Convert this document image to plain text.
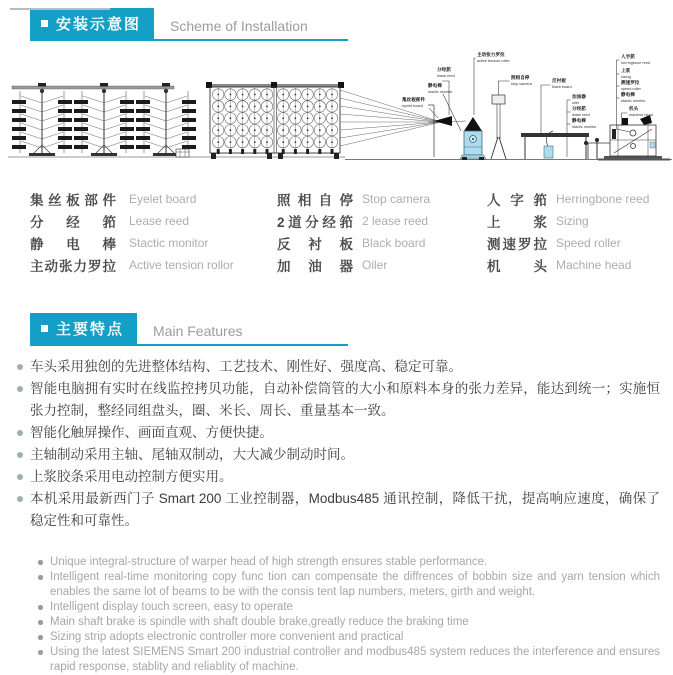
安装示意图	Scheme of Installation
集丝板部件
eyelet board
分经筘
lease reed
静电棒
stactic monitor
主动张力罗拉
active tension roller
照相自停
stop camera
反衬板
black board
加油器
oiler
分经筘
lease reed
静电棒
stactic monitor
人字筘
herringbone reed
上浆
sizing
测速罗拉
speed roller
静电棒
stactic monitor
机头
machine head
集丝板部件 Eyelet board
分经筘 Lease reed
静电棒 Stactic monitor
主动张力罗拉 Active tension rollor
照相自停 Stop camera
2道分经筘 2 lease reed
反衬板 Black board
加油器 Oiler
人字筘 Herringbone reed
上浆 Sizing
测速罗拉 Speed roller
机头 Machine head
主要特点	Main Features
车头采用独创的先进整体结构、工艺技术、刚性好、强度高、稳定可靠。
智能电脑拥有实时在线监控拷贝功能，自动补偿筒管的大小和原料本身的张力差异，能达到统一；实施恒张力控制，整经同组盘头，圈、米长、周长、重量基本一致。
智能化触屏操作、画面直观、方便快捷。
主轴制动采用主轴、尾轴双制动，大大减少制动时间。
上浆胶条采用电动控制方便实用。
本机采用最新西门子 Smart 200 工业控制器，Modbus485 通讯控制，降低干扰，提高响应速度，确保了稳定性和可靠性。
Unique integral-structure of warper head of high strength ensures stable performance.
Intelligent real-time monitoring copy func tion can compensate the diffrences of bobbin size and yarn tension which enables the same lot of beams to be with the consis tent lap numbers, meters, girth and weight.
Intelligent display touch screen, easy to operate
Main shaft brake is spindle with shaft double brake,greatly reduce the braking time
Sizing strip adopts electronic controller more convenient and practical
Using the latest SIEMENS Smart 200 industrial controller and modbus485 system reduces the interference and ensures rapid response, stablity and reliablity of machine.
